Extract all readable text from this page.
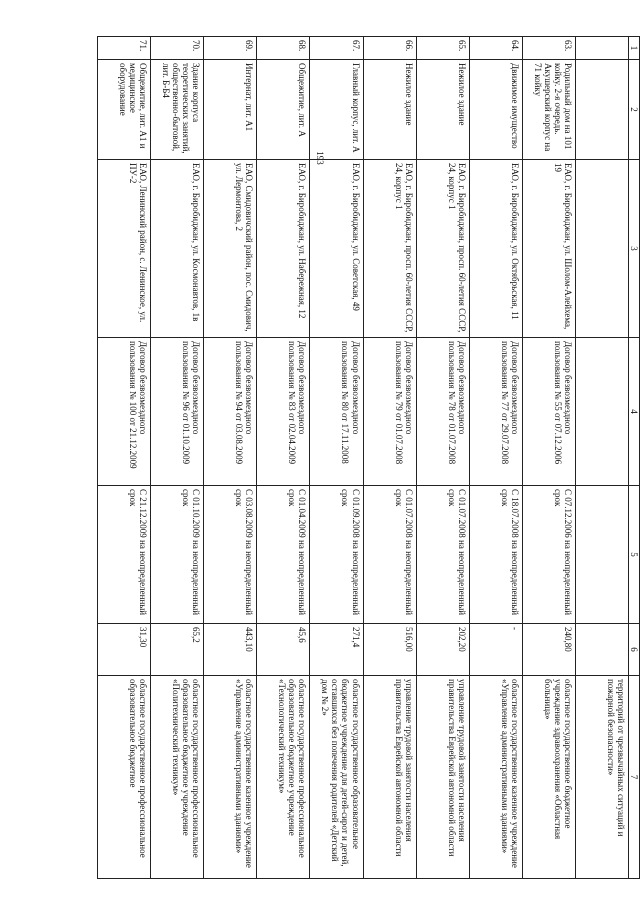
193
1	2	3	4	5	6	7
						территорий от чрезвычайных ситуаций и пожарной безопасности»
63.	Родильный дом на 101 койку. 2-я очередь. Акушерский корпус на 71 койку	ЕАО, г. Биробиджан, ул. Шолом-Алейхема, 19	Договор безвозмездного пользования № 55 от 07.12.2006	С 07.12.2006 на неопределенный срок	240,80	областное государственное бюджетное учреждение здравоохранения «Областная больница»
64.	Движимое имущество	ЕАО, г. Биробиджан, ул. Октябрьская, 11	Договор безвозмездного пользования № 77 от 29.07.2008	С 18.07.2008 на неопределенный срок	-	областное государственное казенное учреждение «Управление административными зданиями»
65.	Нежилое здание	ЕАО, г. Биробиджан, просп. 60-летия СССР, 24, корпус 1	Договор безвозмездного пользования № 78 от 01.07.2008	С 01.07.2008 на неопределенный срок	202,20	управление трудовой занятости населения правительства Еврейской автономной области
66.	Нежилое здание	ЕАО, г. Биробиджан, просп. 60-летия СССР, 24, корпус 1	Договор безвозмездного пользования № 79 от 01.07.2008	С 01.07.2008 на неопределенный срок	516,00	управление трудовой занятости населения правительства Еврейской автономной области
67.	Главный корпус, лит. А	ЕАО, г. Биробиджан, ул. Советская, 49	Договор безвозмездного пользования № 80 от 17.11.2008	С 01.09.2008 на неопределенный срок	271,4	областное государственное образовательное бюджетное учреждение для детей-сирот и детей, оставшихся без попечения родителей «Детский дом № 2»
68.	Общежитие, лит. А	ЕАО, г. Биробиджан, ул. Набережная, 12	Договор безвозмездного пользования № 83 от 02.04.2009	С 01.04.2009 на неопределенный срок	45,6	областное государственное профессиональное образовательное бюджетное учреждение «Технологический техникум»
69.	Интернат, лит. А1	ЕАО, Смидовичский район, пос. Смидович, ул. Лермонтова, 2	Договор безвозмездного пользования № 94 от 03.08.2009	С 03.08.2009 на неопределенный срок	443,10	областное государственное казенное учреждение «Управление административными зданиями»
70.	Здание корпуса теоретических занятий, общественно-бытовой, лит. Б-Б4	ЕАО, г. Биробиджан, ул. Космонавтов, 1в	Договор безвозмездного пользования № 96 от 01.10.2009	С 01.10.2009 на неопределенный срок	65,2	областное государственное профессиональное образовательное бюджетное учреждение «Политехнический техникум»
71.	Общежитие, лит. А1 и медицинское оборудование	ЕАО, Ленинский район, с. Ленинское, ул. ПУ-2	Договор безвозмездного пользования № 100 от 21.12.2009	С 21.12.2009 на неопределенный срок	31,30	областное государственное профессиональное образовательное бюджетное
